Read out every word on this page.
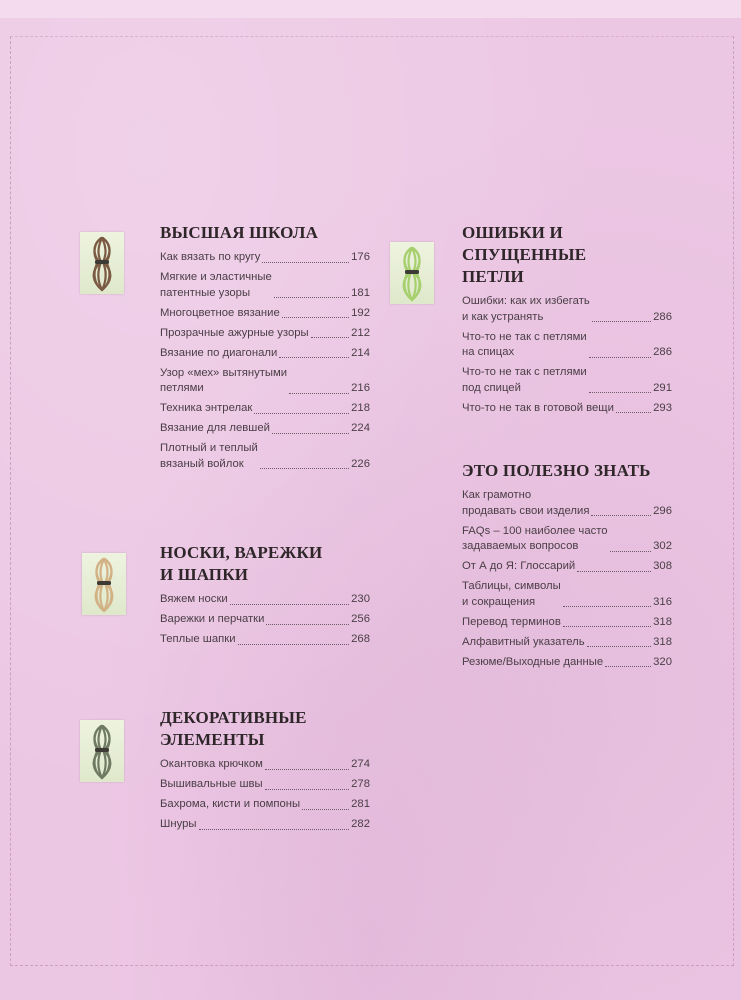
ВЫСШАЯ ШКОЛА
Как вязать по кругу	176
Мягкие и эластичные
патентные узоры	181
Многоцветное вязание	192
Прозрачные ажурные узоры	212
Вязание по диагонали	214
Узор «мех» вытянутыми
петлями	216
Техника энтрелак	218
Вязание для левшей	224
Плотный и теплый
вязаный войлок	226
НОСКИ, ВАРЕЖКИ
И ШАПКИ
Вяжем носки	230
Варежки и перчатки	256
Теплые шапки	268
ДЕКОРАТИВНЫЕ
ЭЛЕМЕНТЫ
Окантовка крючком	274
Вышивальные швы	278
Бахрома, кисти и помпоны	281
Шнуры	282
ОШИБКИ И СПУЩЕННЫЕ
ПЕТЛИ
Ошибки: как их избегать
и как устранять	286
Что-то не так с петлями
на спицах	286
Что-то не так с петлями
под спицей	291
Что-то не так в готовой вещи	293
ЭТО ПОЛЕЗНО ЗНАТЬ
Как грамотно
продавать свои изделия	296
FAQs – 100 наиболее часто
задаваемых вопросов	302
От А до Я: Глоссарий	308
Таблицы, символы
и сокращения	316
Перевод терминов	318
Алфавитный указатель	318
Резюме/Выходные данные	320
